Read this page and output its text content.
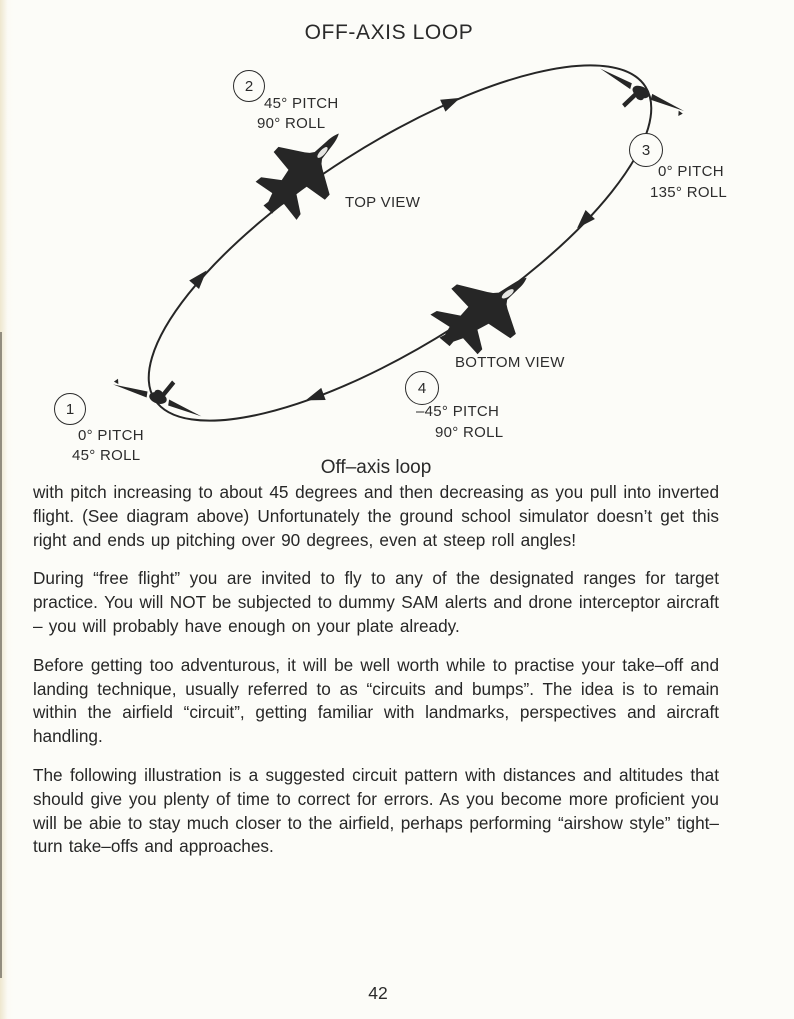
OFF-AXIS LOOP
1
2
3
4
45° PITCH
90° ROLL
0° PITCH
135° ROLL
0° PITCH
45° ROLL
–45° PITCH
90° ROLL
TOP VIEW
BOTTOM VIEW
Off–axis loop

with pitch increasing to about 45 degrees and then decreasing as you pull into inverted flight. (See diagram above) Unfortunately the ground school simulator doesn’t get this right and ends up pitching over 90 degrees, even at steep roll angles!

During “free flight” you are invited to fly to any of the designated ranges for target practice. You will NOT be subjected to dummy SAM alerts and drone interceptor aircraft – you will probably have enough on your plate already.

Before getting too adventurous, it will be well worth while to practise your take–off and landing technique, usually referred to as “circuits and bumps”. The idea is to remain within the airfield “circuit”, getting familiar with landmarks, perspectives and aircraft handling.

The following illustration is a suggested circuit pattern with distances and altitudes that should give you plenty of time to correct for errors. As you become more proficient you will be abie to stay much closer to the airfield, perhaps performing “airshow style” tight–turn take–offs and approaches.

42
